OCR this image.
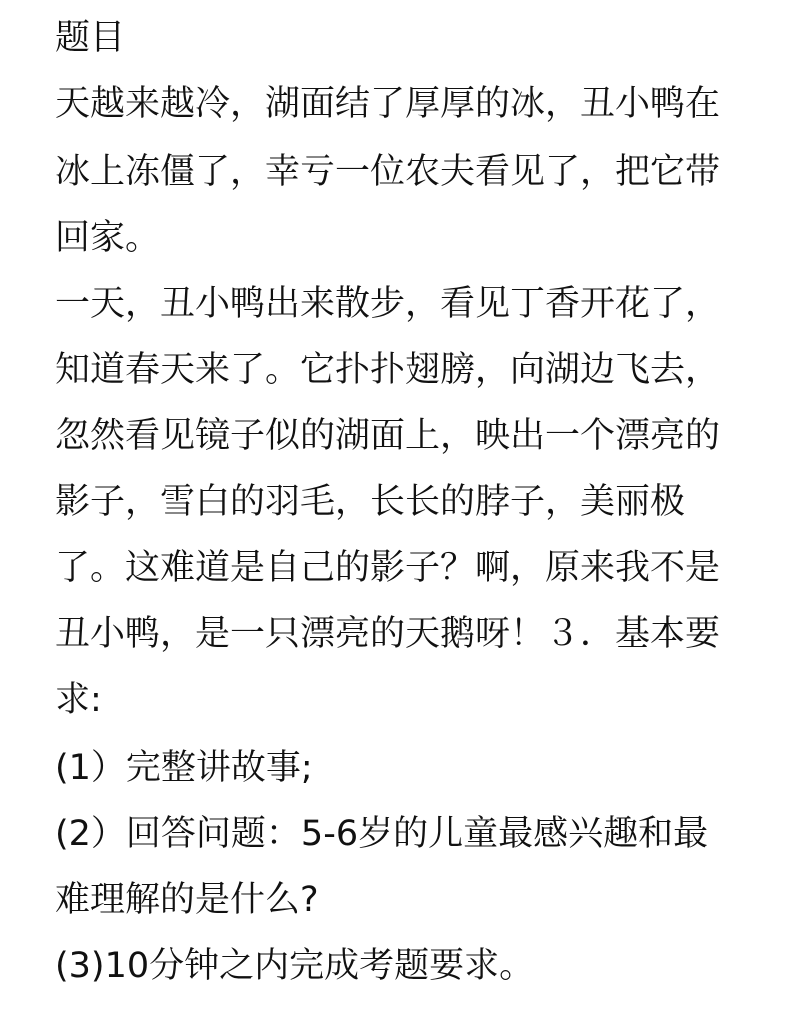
题目

天越来越冷，湖面结了厚厚的冰，丑小鸭在

冰上冻僵了，幸亏一位农夫看见了，把它带

回家。

一天，丑小鸭出来散步，看见丁香开花了，

知道春天来了。它扑扑翅膀，向湖边飞去，

忽然看见镜子似的湖面上，映出一个漂亮的

影子，雪白的羽毛，长长的脖子，美丽极

了。这难道是自己的影子？啊，原来我不是

丑小鸭，是一只漂亮的天鹅呀！３．基本要

求:

(1）完整讲故事;

(2）回答问题：5-6岁的儿童最感兴趣和最

难理解的是什么?

(3)10分钟之内完成考题要求。
